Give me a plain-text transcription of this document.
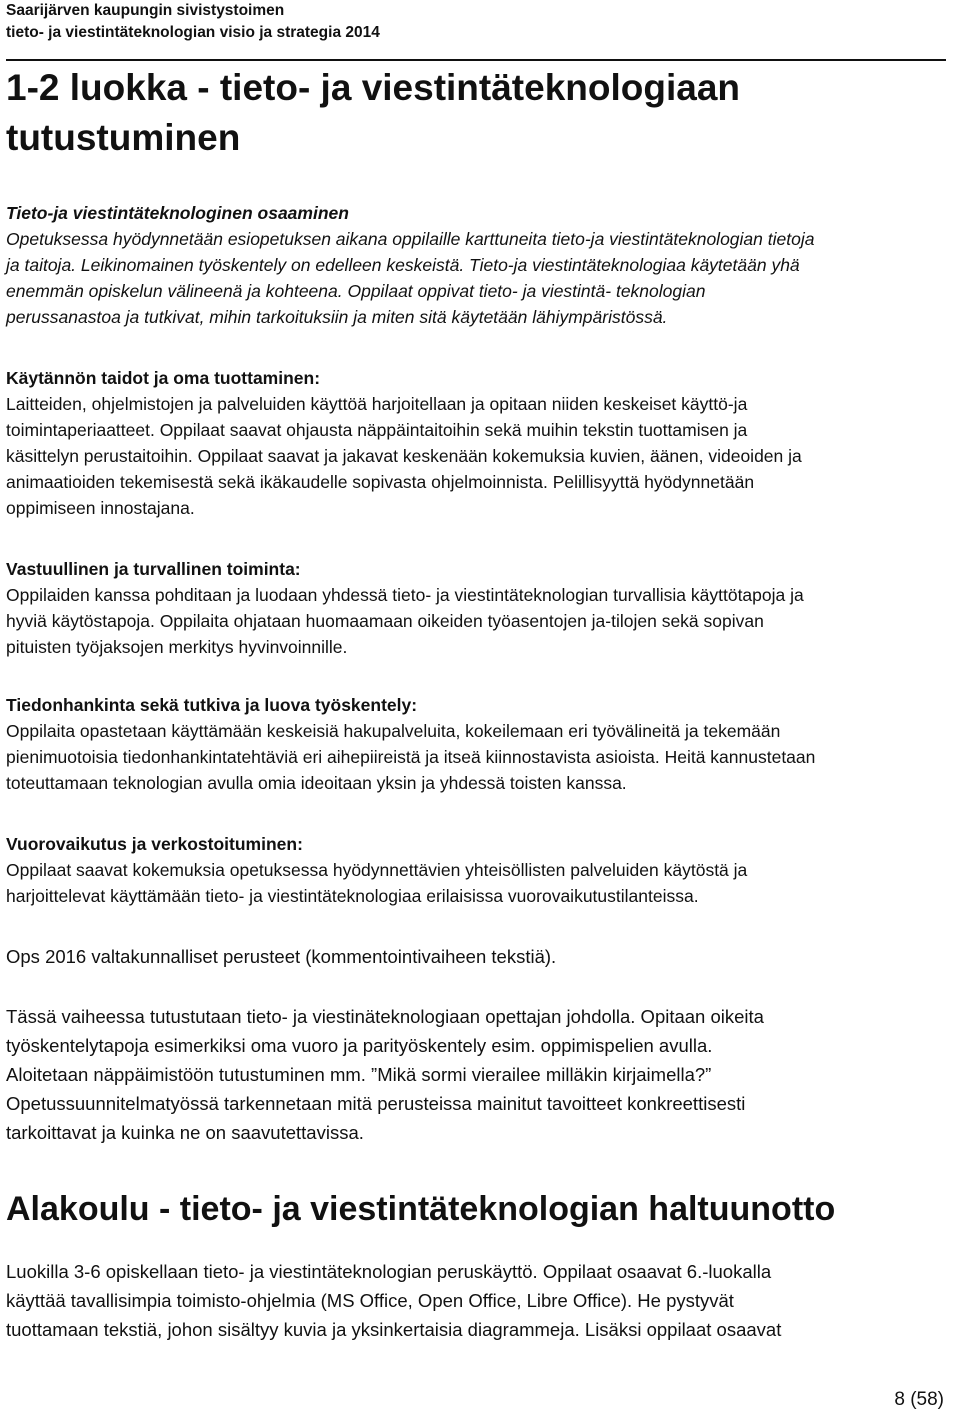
Saarijärven kaupungin sivistystoimen
tieto- ja viestintäteknologian visio ja strategia 2014
1-2 luokka - tieto- ja viestintäteknologiaan
tutustuminen
Tieto-ja viestintäteknologinen osaaminen
Opetuksessa hyödynnetään esiopetuksen aikana oppilaille karttuneita tieto-ja viestintäteknologian tietoja
ja taitoja. Leikinomainen työskentely on edelleen keskeistä. Tieto-ja viestintäteknologiaa käytetään yhä
enemmän opiskelun välineenä ja kohteena. Oppilaat oppivat tieto- ja viestintä- teknologian
perussanastoa ja tutkivat, mihin tarkoituksiin ja miten sitä käytetään lähiympäristössä.
Käytännön taidot ja oma tuottaminen:
Laitteiden, ohjelmistojen ja palveluiden käyttöä harjoitellaan ja opitaan niiden keskeiset käyttö-ja
toimintaperiaatteet. Oppilaat saavat ohjausta näppäintaitoihin sekä muihin tekstin tuottamisen ja
käsittelyn perustaitoihin. Oppilaat saavat ja jakavat keskenään kokemuksia kuvien, äänen, videoiden ja
animaatioiden tekemisestä sekä ikäkaudelle sopivasta ohjelmoinnista. Pelillisyyttä hyödynnetään
oppimiseen innostajana.
Vastuullinen ja turvallinen toiminta:
Oppilaiden kanssa pohditaan ja luodaan yhdessä tieto- ja viestintäteknologian turvallisia käyttötapoja ja
hyviä käytöstapoja. Oppilaita ohjataan huomaamaan oikeiden työasentojen ja-tilojen sekä sopivan
pituisten työjaksojen merkitys hyvinvoinnille.
Tiedonhankinta sekä tutkiva ja luova työskentely:
Oppilaita opastetaan käyttämään keskeisiä hakupalveluita, kokeilemaan eri työvälineitä ja tekemään
pienimuotoisia tiedonhankintatehtäviä eri aihepiireistä ja itseä kiinnostavista asioista. Heitä kannustetaan
toteuttamaan teknologian avulla omia ideoitaan yksin ja yhdessä toisten kanssa.
Vuorovaikutus ja verkostoituminen:
Oppilaat saavat kokemuksia opetuksessa hyödynnettävien yhteisöllisten palveluiden käytöstä ja
harjoittelevat käyttämään tieto- ja viestintäteknologiaa erilaisissa vuorovaikutustilanteissa.
Ops 2016 valtakunnalliset perusteet (kommentointivaiheen tekstiä).
Tässä vaiheessa tutustutaan tieto- ja viestinäteknologiaan opettajan johdolla. Opitaan oikeita
työskentelytapoja esimerkiksi oma vuoro ja parityöskentely esim. oppimispelien avulla.
Aloitetaan näppäimistöön tutustuminen mm. ”Mikä sormi vierailee milläkin kirjaimella?”
Opetussuunnitelmatyössä tarkennetaan mitä perusteissa mainitut tavoitteet konkreettisesti
tarkoittavat ja kuinka ne on saavutettavissa.
Alakoulu - tieto- ja viestintäteknologian haltuunotto
Luokilla 3-6 opiskellaan tieto- ja viestintäteknologian peruskäyttö. Oppilaat osaavat 6.-luokalla
käyttää tavallisimpia toimisto-ohjelmia (MS Office, Open Office, Libre Office). He pystyvät
tuottamaan tekstiä, johon sisältyy kuvia ja yksinkertaisia diagrammeja. Lisäksi oppilaat osaavat
8 (58)
